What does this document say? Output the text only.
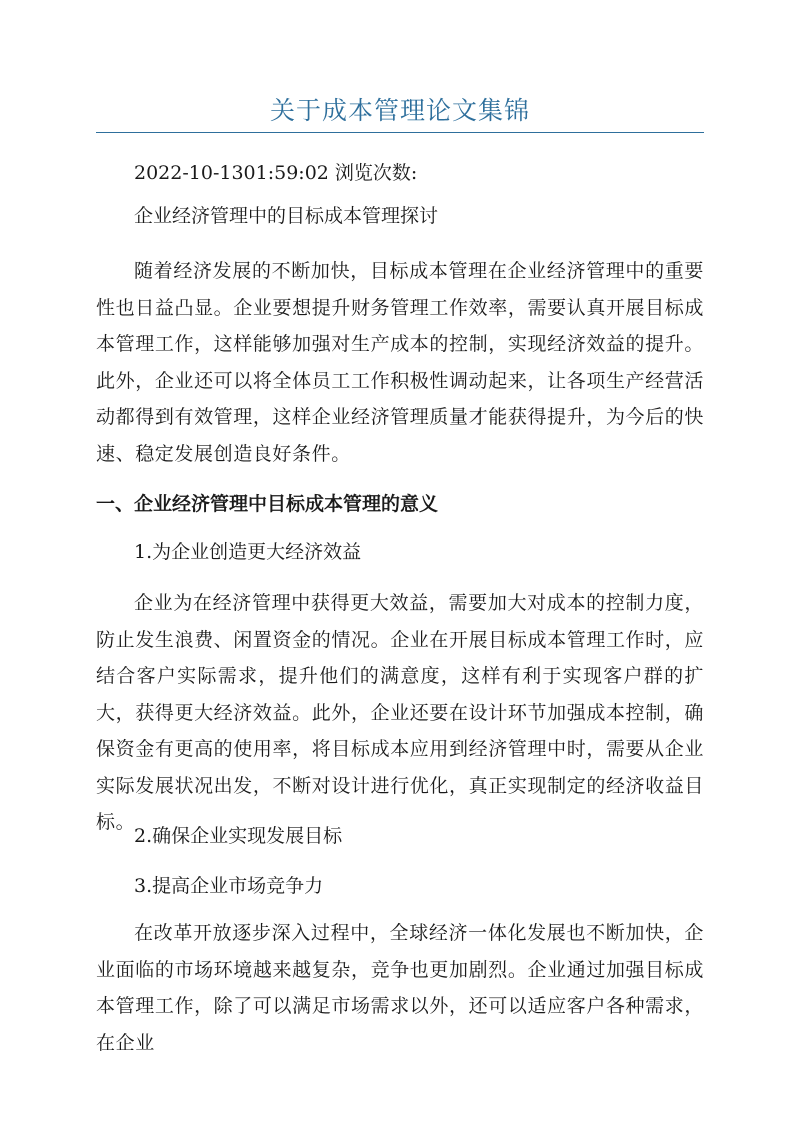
关于成本管理论文集锦
2022-10-1301:59:02 浏览次数:
企业经济管理中的目标成本管理探讨
随着经济发展的不断加快，目标成本管理在企业经济管理中的重要性也日益凸显。企业要想提升财务管理工作效率，需要认真开展目标成本管理工作，这样能够加强对生产成本的控制，实现经济效益的提升。此外，企业还可以将全体员工工作积极性调动起来，让各项生产经营活动都得到有效管理，这样企业经济管理质量才能获得提升，为今后的快速、稳定发展创造良好条件。
一、企业经济管理中目标成本管理的意义
1.为企业创造更大经济效益
企业为在经济管理中获得更大效益，需要加大对成本的控制力度，防止发生浪费、闲置资金的情况。企业在开展目标成本管理工作时，应结合客户实际需求，提升他们的满意度，这样有利于实现客户群的扩大，获得更大经济效益。此外，企业还要在设计环节加强成本控制，确保资金有更高的使用率，将目标成本应用到经济管理中时，需要从企业实际发展状况出发，不断对设计进行优化，真正实现制定的经济收益目标。
2.确保企业实现发展目标
3.提高企业市场竞争力
在改革开放逐步深入过程中，全球经济一体化发展也不断加快，企业面临的市场环境越来越复杂，竞争也更加剧烈。企业通过加强目标成本管理工作，除了可以满足市场需求以外，还可以适应客户各种需求，在企业
